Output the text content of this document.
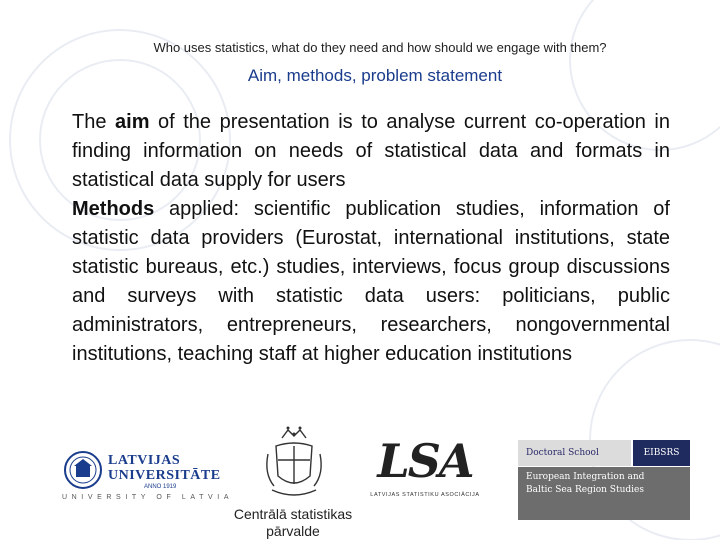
Who uses statistics, what do they need and how should we engage with them?
Aim, methods, problem statement
The aim of the presentation is to analyse current co-operation in finding information on needs of statistical data and formats in statistical data supply for users
Methods applied: scientific publication studies, information of statistic data providers (Eurostat, international institutions, state statistic bureaus, etc.) studies, interviews, focus group discussions and surveys with statistic data users: politicians, public administrators, entrepreneurs, researchers, nongovernmental institutions, teaching staff at higher education institutions
LATVIJAS
UNIVERSITĀTE
ANNO 1919
UNIVERSITY OF LATVIA
Centrālā statistikas
pārvalde
LSA
LATVIJAS STATISTIKU ASOCIĀCIJA
Doctoral School	EIBSRS
European Integration and
Baltic Sea Region Studies
